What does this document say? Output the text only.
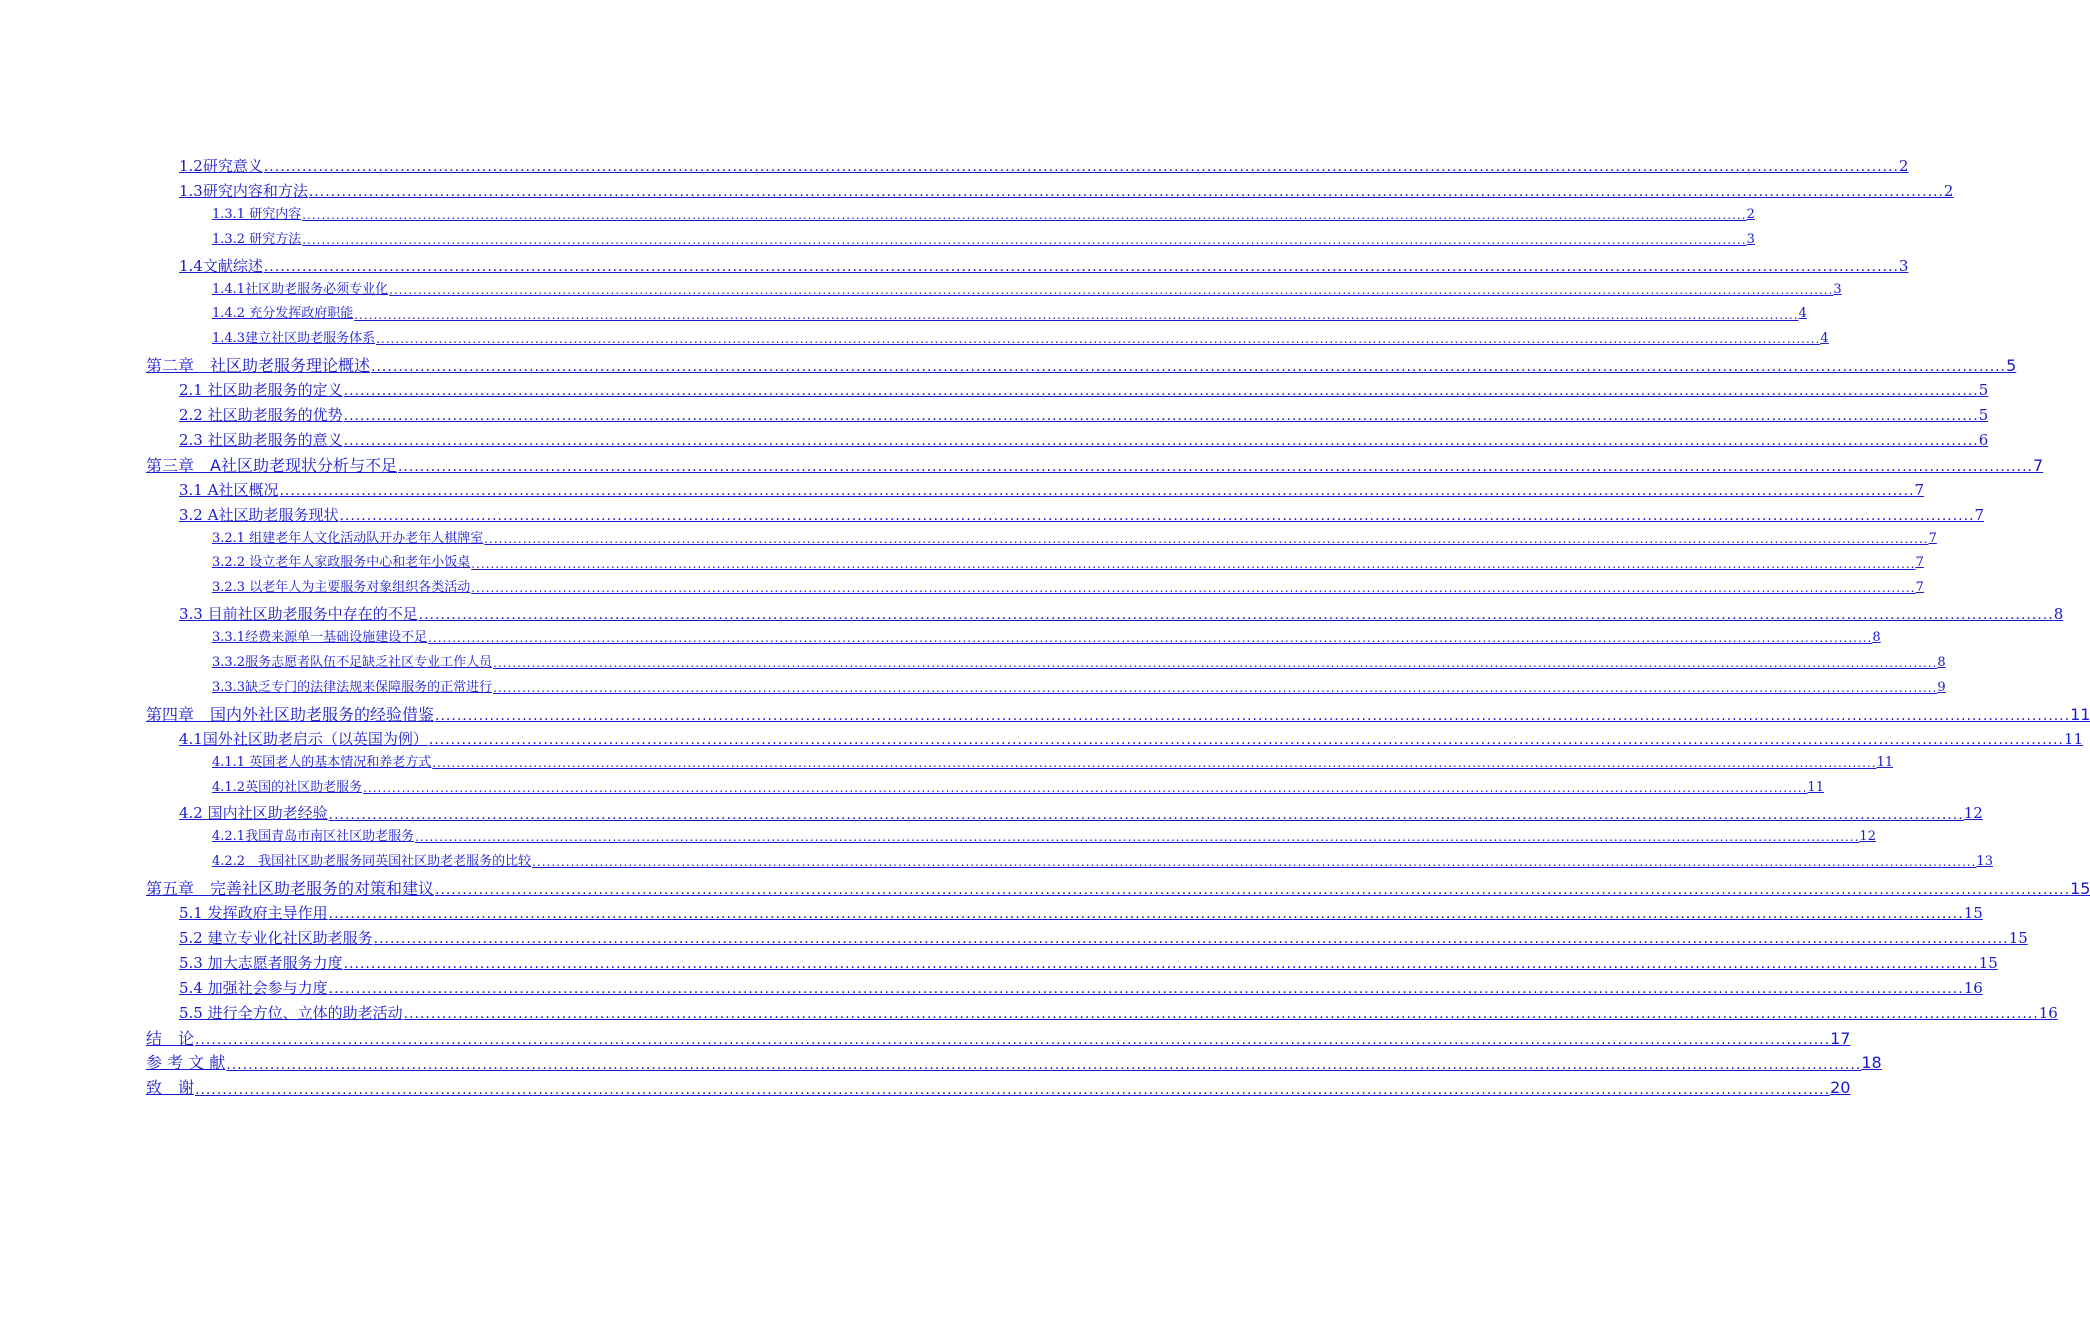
1.2研究意义 ............................................................................................................................................................................................................................................................................................................ 2
1.3研究内容和方法 ............................................................................................................................................................................................................................................................................................................ 2
1.3.1 研究内容 ............................................................................................................................................................................................................................................................................................................ 2
1.3.2 研究方法 ............................................................................................................................................................................................................................................................................................................ 3
1.4文献综述 ............................................................................................................................................................................................................................................................................................................ 3
1.4.1社区助老服务必须专业化 ............................................................................................................................................................................................................................................................................................................ 3
1.4.2 充分发挥政府职能 ............................................................................................................................................................................................................................................................................................................ 4
1.4.3建立社区助老服务体系 ............................................................................................................................................................................................................................................................................................................ 4
第二章　社区助老服务理论概述 ............................................................................................................................................................................................................................................................................................................ 5
2.1 社区助老服务的定义 ............................................................................................................................................................................................................................................................................................................ 5
2.2 社区助老服务的优势 ............................................................................................................................................................................................................................................................................................................ 5
2.3 社区助老服务的意义 ............................................................................................................................................................................................................................................................................................................ 6
第三章　A社区助老现状分析与不足 ............................................................................................................................................................................................................................................................................................................ 7
3.1 A社区概况 ............................................................................................................................................................................................................................................................................................................ 7
3.2 A社区助老服务现状 ............................................................................................................................................................................................................................................................................................................ 7
3.2.1 组建老年人文化活动队开办老年人棋牌室 ............................................................................................................................................................................................................................................................................................................ 7
3.2.2 设立老年人家政服务中心和老年小饭桌 ............................................................................................................................................................................................................................................................................................................ 7
3.2.3 以老年人为主要服务对象组织各类活动 ............................................................................................................................................................................................................................................................................................................ 7
3.3 目前社区助老服务中存在的不足 ............................................................................................................................................................................................................................................................................................................ 8
3.3.1经费来源单一基础设施建设不足 ............................................................................................................................................................................................................................................................................................................ 8
3.3.2服务志愿者队伍不足缺乏社区专业工作人员 ............................................................................................................................................................................................................................................................................................................ 8
3.3.3缺乏专门的法律法规来保障服务的正常进行 ............................................................................................................................................................................................................................................................................................................ 9
第四章　国内外社区助老服务的经验借鉴 ............................................................................................................................................................................................................................................................................................................ 11
4.1国外社区助老启示（以英国为例） ............................................................................................................................................................................................................................................................................................................ 11
4.1.1 英国老人的基本情况和养老方式 ............................................................................................................................................................................................................................................................................................................ 11
4.1.2英国的社区助老服务 ............................................................................................................................................................................................................................................................................................................ 11
4.2 国内社区助老经验 ............................................................................................................................................................................................................................................................................................................ 12
4.2.1我国青岛市南区社区助老服务 ............................................................................................................................................................................................................................................................................................................ 12
4.2.2　我国社区助老服务同英国社区助老老服务的比较 ............................................................................................................................................................................................................................................................................................................ 13
第五章　完善社区助老服务的对策和建议 ............................................................................................................................................................................................................................................................................................................ 15
5.1 发挥政府主导作用 ............................................................................................................................................................................................................................................................................................................ 15
5.2 建立专业化社区助老服务 ............................................................................................................................................................................................................................................................................................................ 15
5.3 加大志愿者服务力度 ............................................................................................................................................................................................................................................................................................................ 15
5.4 加强社会参与力度 ............................................................................................................................................................................................................................................................................................................ 16
5.5 进行全方位、立体的助老活动 ............................................................................................................................................................................................................................................................................................................ 16
结　论 ............................................................................................................................................................................................................................................................................................................ 17
参 考 文 献 ............................................................................................................................................................................................................................................................................................................ 18
致　谢 ............................................................................................................................................................................................................................................................................................................ 20
